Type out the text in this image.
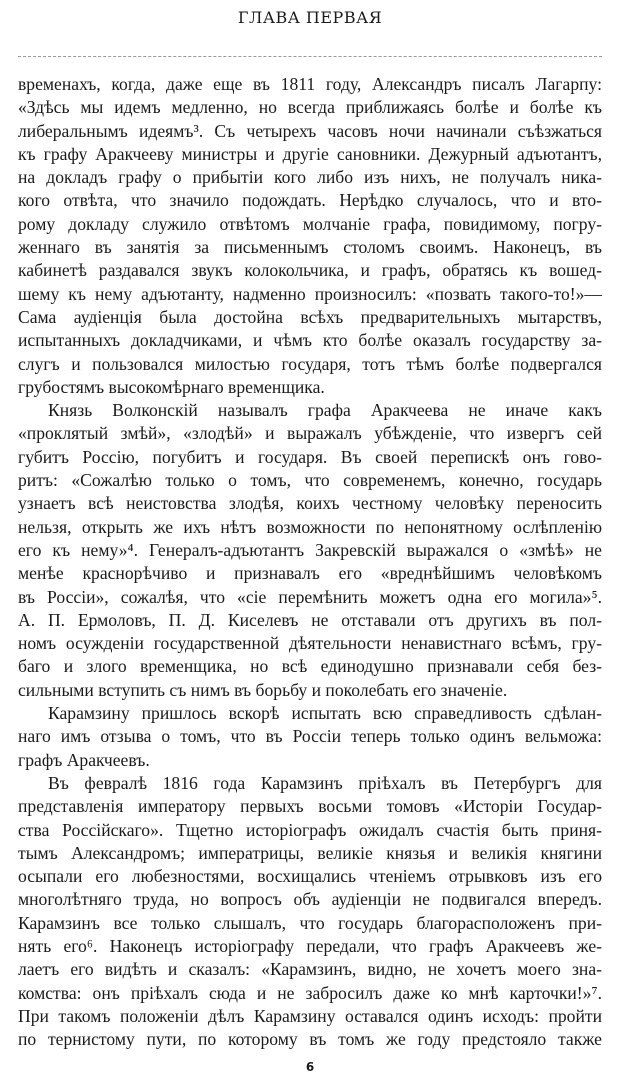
ГЛАВА ПЕРВАЯ
временахъ, когда, даже еще въ 1811 году, Александръ писалъ Лагарпу:
«Здѣсь мы идемъ медленно, но всегда приближаясь болѣе и болѣе къ
либеральнымъ идеямъ³. Съ четырехъ часовъ ночи начинали съѣзжаться
къ графу Аракчееву министры и другіе сановники. Дежурный адъютантъ,
на докладъ графу о прибытіи кого либо изъ нихъ, не получалъ ника-
кого отвѣта, что значило подождать. Нерѣдко случалось, что и вто-
рому докладу служило отвѣтомъ молчаніе графа, повидимому, погру-
женнаго въ занятія за письменнымъ столомъ своимъ. Наконецъ, въ
кабинетѣ раздавался звукъ колокольчика, и графъ, обратясь къ вошед-
шему къ нему адъютанту, надменно произносилъ: «позвать такого-то!»—
Сама аудіенція была достойна всѣхъ предварительныхъ мытарствъ,
испытанныхъ докладчиками, и чѣмъ кто болѣе оказалъ государству за-
слугъ и пользовался милостью государя, тотъ тѣмъ болѣе подвергался
грубостямъ высокомѣрнаго временщика.
Князь Волконскій называлъ графа Аракчеева не иначе какъ
«проклятый змѣй», «злодѣй» и выражалъ убѣжденіе, что извергъ сей
губитъ Россію, погубитъ и государя. Въ своей перепискѣ онъ гово-
ритъ: «Сожалѣю только о томъ, что современемъ, конечно, государь
узнаетъ всѣ неистовства злодѣя, коихъ честному человѣку переносить
нельзя, открыть же ихъ нѣтъ возможности по непонятному ослѣпленію
его къ нему»⁴. Генералъ-адъютантъ Закревскій выражался о «змѣѣ» не
менѣе краснорѣчиво и признавалъ его «вреднѣйшимъ человѣкомъ
въ Россіи», сожалѣя, что «сіе перемѣнить можетъ одна его могила»⁵.
А. П. Ермоловъ, П. Д. Киселевъ не отставали отъ другихъ въ пол-
номъ осужденіи государственной дѣятельности ненавистнаго всѣмъ, гру-
баго и злого временщика, но всѣ единодушно признавали себя без-
сильными вступить съ нимъ въ борьбу и поколебать его значеніе.
Карамзину пришлось вскорѣ испытать всю справедливость сдѣлан-
наго имъ отзыва о томъ, что въ Россіи теперь только одинъ вельможа:
графъ Аракчеевъ.
Въ февралѣ 1816 года Карамзинъ пріѣхалъ въ Петербургъ для
представленія императору первыхъ восьми томовъ «Исторіи Государ-
ства Россійскаго». Тщетно исторіографъ ожидалъ счастія быть приня-
тымъ Александромъ; императрицы, великіе князья и великія княгини
осыпали его любезностями, восхищались чтеніемъ отрывковъ изъ его
многолѣтняго труда, но вопросъ объ аудіенціи не подвигался впередъ.
Карамзинъ все только слышалъ, что государь благорасположенъ при-
нять его⁶. Наконецъ исторіографу передали, что графъ Аракчеевъ же-
лаетъ его видѣть и сказалъ: «Карамзинъ, видно, не хочетъ моего зна-
комства: онъ пріѣхалъ сюда и не забросилъ даже ко мнѣ карточки!»⁷.
При такомъ положеніи дѣлъ Карамзину оставался одинъ исходъ: пройти
по тернистому пути, по которому въ томъ же году предстояло также
6
